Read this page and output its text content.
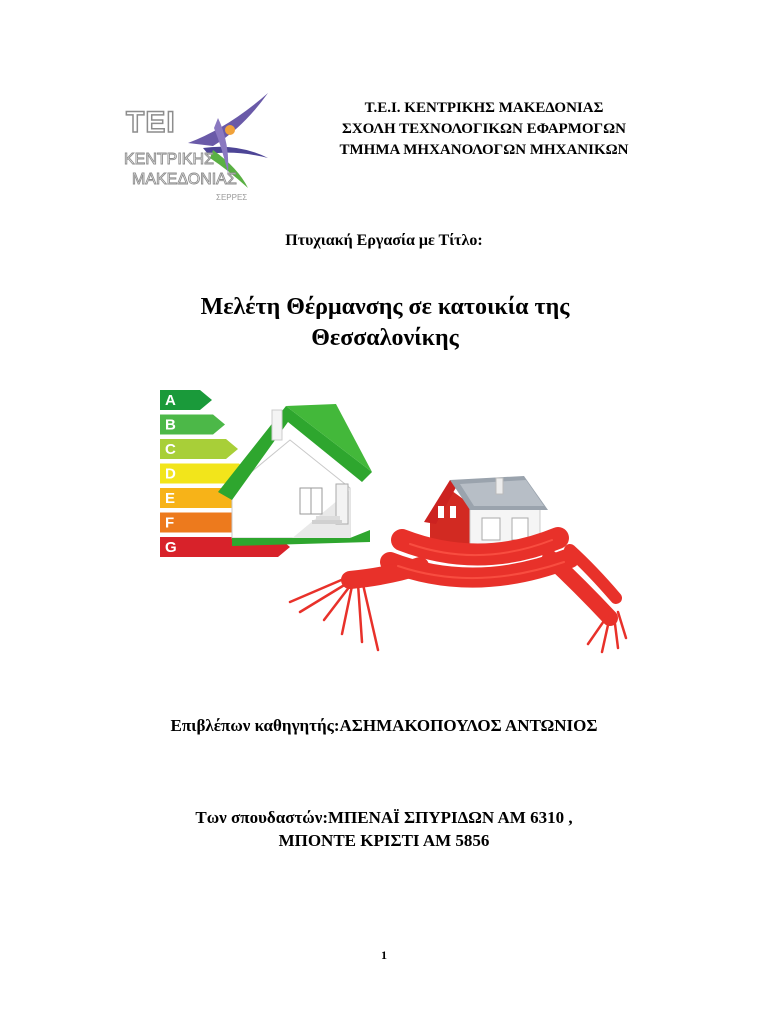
ΤΕΙ
ΚΕΝΤΡΙΚΗΣ
ΜΑΚΕΔΟΝΙΑΣ
ΣΕΡΡΕΣ
Τ.Ε.Ι. ΚΕΝΤΡΙΚΗΣ ΜΑΚΕΔΟΝΙΑΣ
ΣΧΟΛΗ ΤΕΧΝΟΛΟΓΙΚΩΝ ΕΦΑΡΜΟΓΩΝ
ΤΜΗΜΑ ΜΗΧΑΝΟΛΟΓΩΝ ΜΗΧΑΝΙΚΩΝ
Πτυχιακή Εργασία με Τίτλο:
Μελέτη Θέρμανσης σε κατοικία της
Θεσσαλονίκης
A
B
C
D
E
F
G
Επιβλέπων καθηγητής:ΑΣΗΜΑΚΟΠΟΥΛΟΣ ΑΝΤΩΝΙΟΣ
Των σπουδαστών:ΜΠΕΝΑΪ ΣΠΥΡΙΔΩΝ ΑΜ 6310 ,
ΜΠΟΝΤΕ ΚΡΙΣΤΙ ΑΜ 5856
1
